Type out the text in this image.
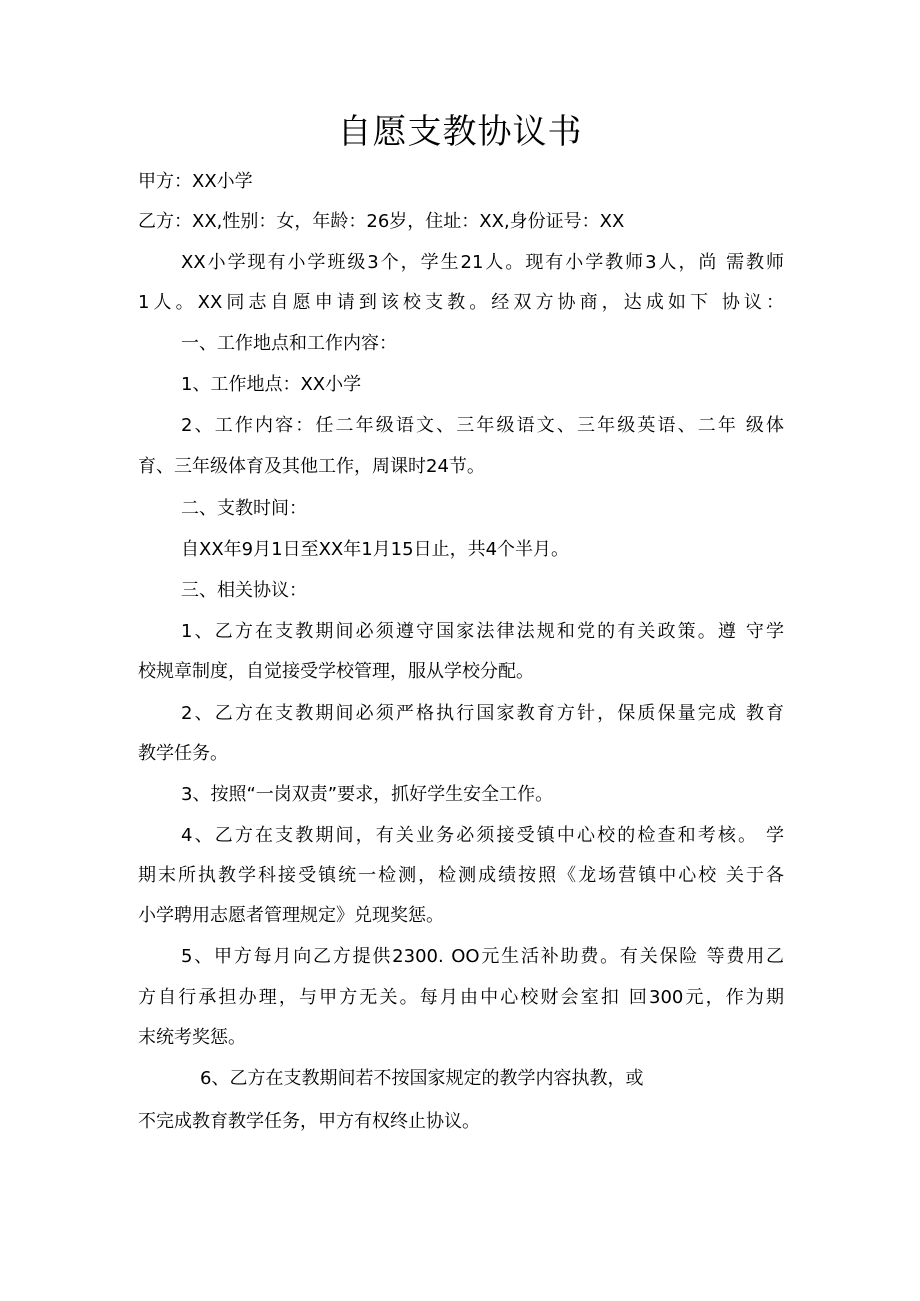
自愿支教协议书
甲方：XX小学
乙方：XX,性别：女，年龄：26岁，住址：XX,身份证号：XX
XX小学现有小学班级3个，学生21人。现有小学教师3人，尚 需教师
1人。XX同志自愿申请到该校支教。经双方协商，达成如下 协议：
一、工作地点和工作内容：
1、工作地点：XX小学
2、工作内容：任二年级语文、三年级语文、三年级英语、二年 级体
育、三年级体育及其他工作，周课时24节。
二、支教时间：
自XX年9月1日至XX年1月15日止，共4个半月。
三、相关协议：
1、乙方在支教期间必须遵守国家法律法规和党的有关政策。遵 守学
校规章制度，自觉接受学校管理，服从学校分配。
2、乙方在支教期间必须严格执行国家教育方针，保质保量完成 教育
教学任务。
3、按照“一岗双责”要求，抓好学生安全工作。
4、乙方在支教期间，有关业务必须接受镇中心校的检查和考核。 学
期末所执教学科接受镇统一检测，检测成绩按照《龙场营镇中心校 关于各
小学聘用志愿者管理规定》兑现奖惩。
5、甲方每月向乙方提供2300. OO元生活补助费。有关保险 等费用乙
方自行承担办理，与甲方无关。每月由中心校财会室扣 回300元，作为期
末统考奖惩。
6、乙方在支教期间若不按国家规定的教学内容执教，或
不完成教育教学任务，甲方有权终止协议。
